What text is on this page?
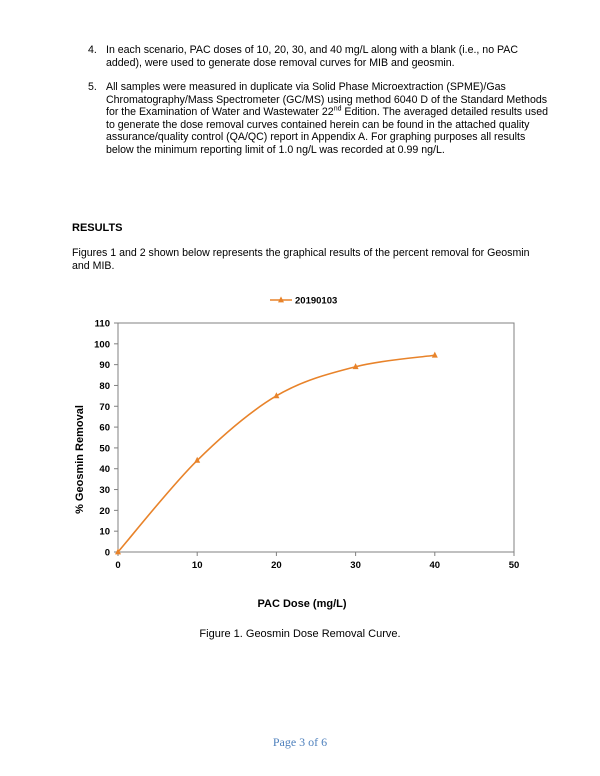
4. In each scenario, PAC doses of 10, 20, 30, and 40 mg/L along with a blank (i.e., no PAC added), were used to generate dose removal curves for MIB and geosmin.
5. All samples were measured in duplicate via Solid Phase Microextraction (SPME)/Gas Chromatography/Mass Spectrometer (GC/MS) using method 6040 D of the Standard Methods for the Examination of Water and Wastewater 22nd Edition. The averaged detailed results used to generate the dose removal curves contained herein can be found in the attached quality assurance/quality control (QA/QC) report in Appendix A. For graphing purposes all results below the minimum reporting limit of 1.0 ng/L was recorded at 0.99 ng/L.
RESULTS
Figures 1 and 2 shown below represents the graphical results of the percent removal for Geosmin and MIB.
0
10
20
30
40
50
60
70
80
90
100
110
0	10	20	30	40	50
PAC Dose (mg/L)
% Geosmin Removal
20190103
Figure 1. Geosmin Dose Removal Curve.
Page 3 of 6
